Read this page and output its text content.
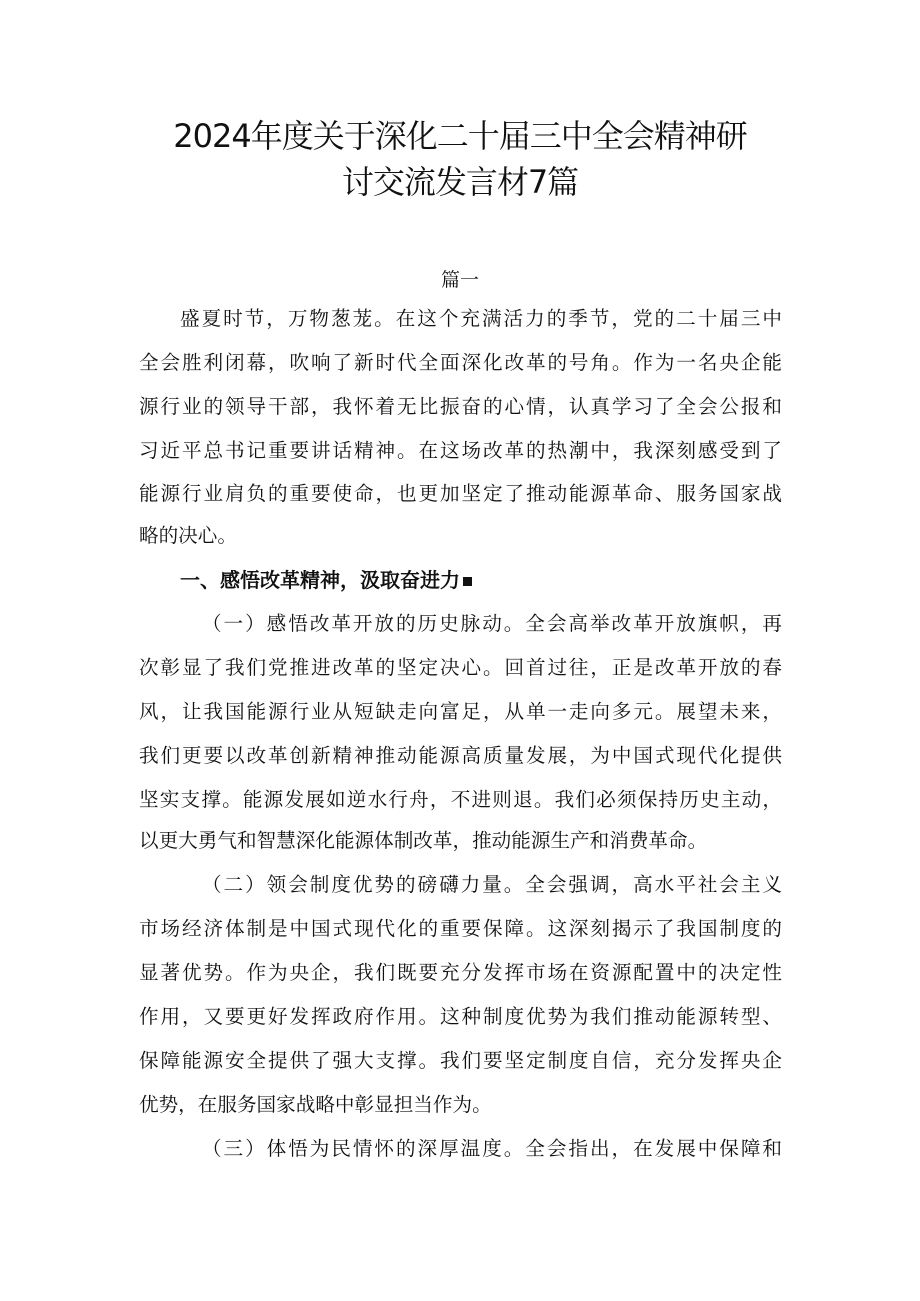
2024年度关于深化二十届三中全会精神研
讨交流发言材7篇
篇一
盛夏时节，万物葱茏。在这个充满活力的季节，党的二十届三中
全会胜利闭幕，吹响了新时代全面深化改革的号角。作为一名央企能
源行业的领导干部，我怀着无比振奋的心情，认真学习了全会公报和
习近平总书记重要讲话精神。在这场改革的热潮中，我深刻感受到了
能源行业肩负的重要使命，也更加坚定了推动能源革命、服务国家战
略的决心。
一、感悟改革精神，汲取奋进力
（一）感悟改革开放的历史脉动。全会高举改革开放旗帜，再
次彰显了我们党推进改革的坚定决心。回首过往，正是改革开放的春
风，让我国能源行业从短缺走向富足，从单一走向多元。展望未来，
我们更要以改革创新精神推动能源高质量发展，为中国式现代化提供
坚实支撑。能源发展如逆水行舟，不进则退。我们必须保持历史主动，
以更大勇气和智慧深化能源体制改革，推动能源生产和消费革命。
（二）领会制度优势的磅礴力量。全会强调，高水平社会主义
市场经济体制是中国式现代化的重要保障。这深刻揭示了我国制度的
显著优势。作为央企，我们既要充分发挥市场在资源配置中的决定性
作用，又要更好发挥政府作用。这种制度优势为我们推动能源转型、
保障能源安全提供了强大支撑。我们要坚定制度自信，充分发挥央企
优势，在服务国家战略中彰显担当作为。
（三）体悟为民情怀的深厚温度。全会指出，在发展中保障和
